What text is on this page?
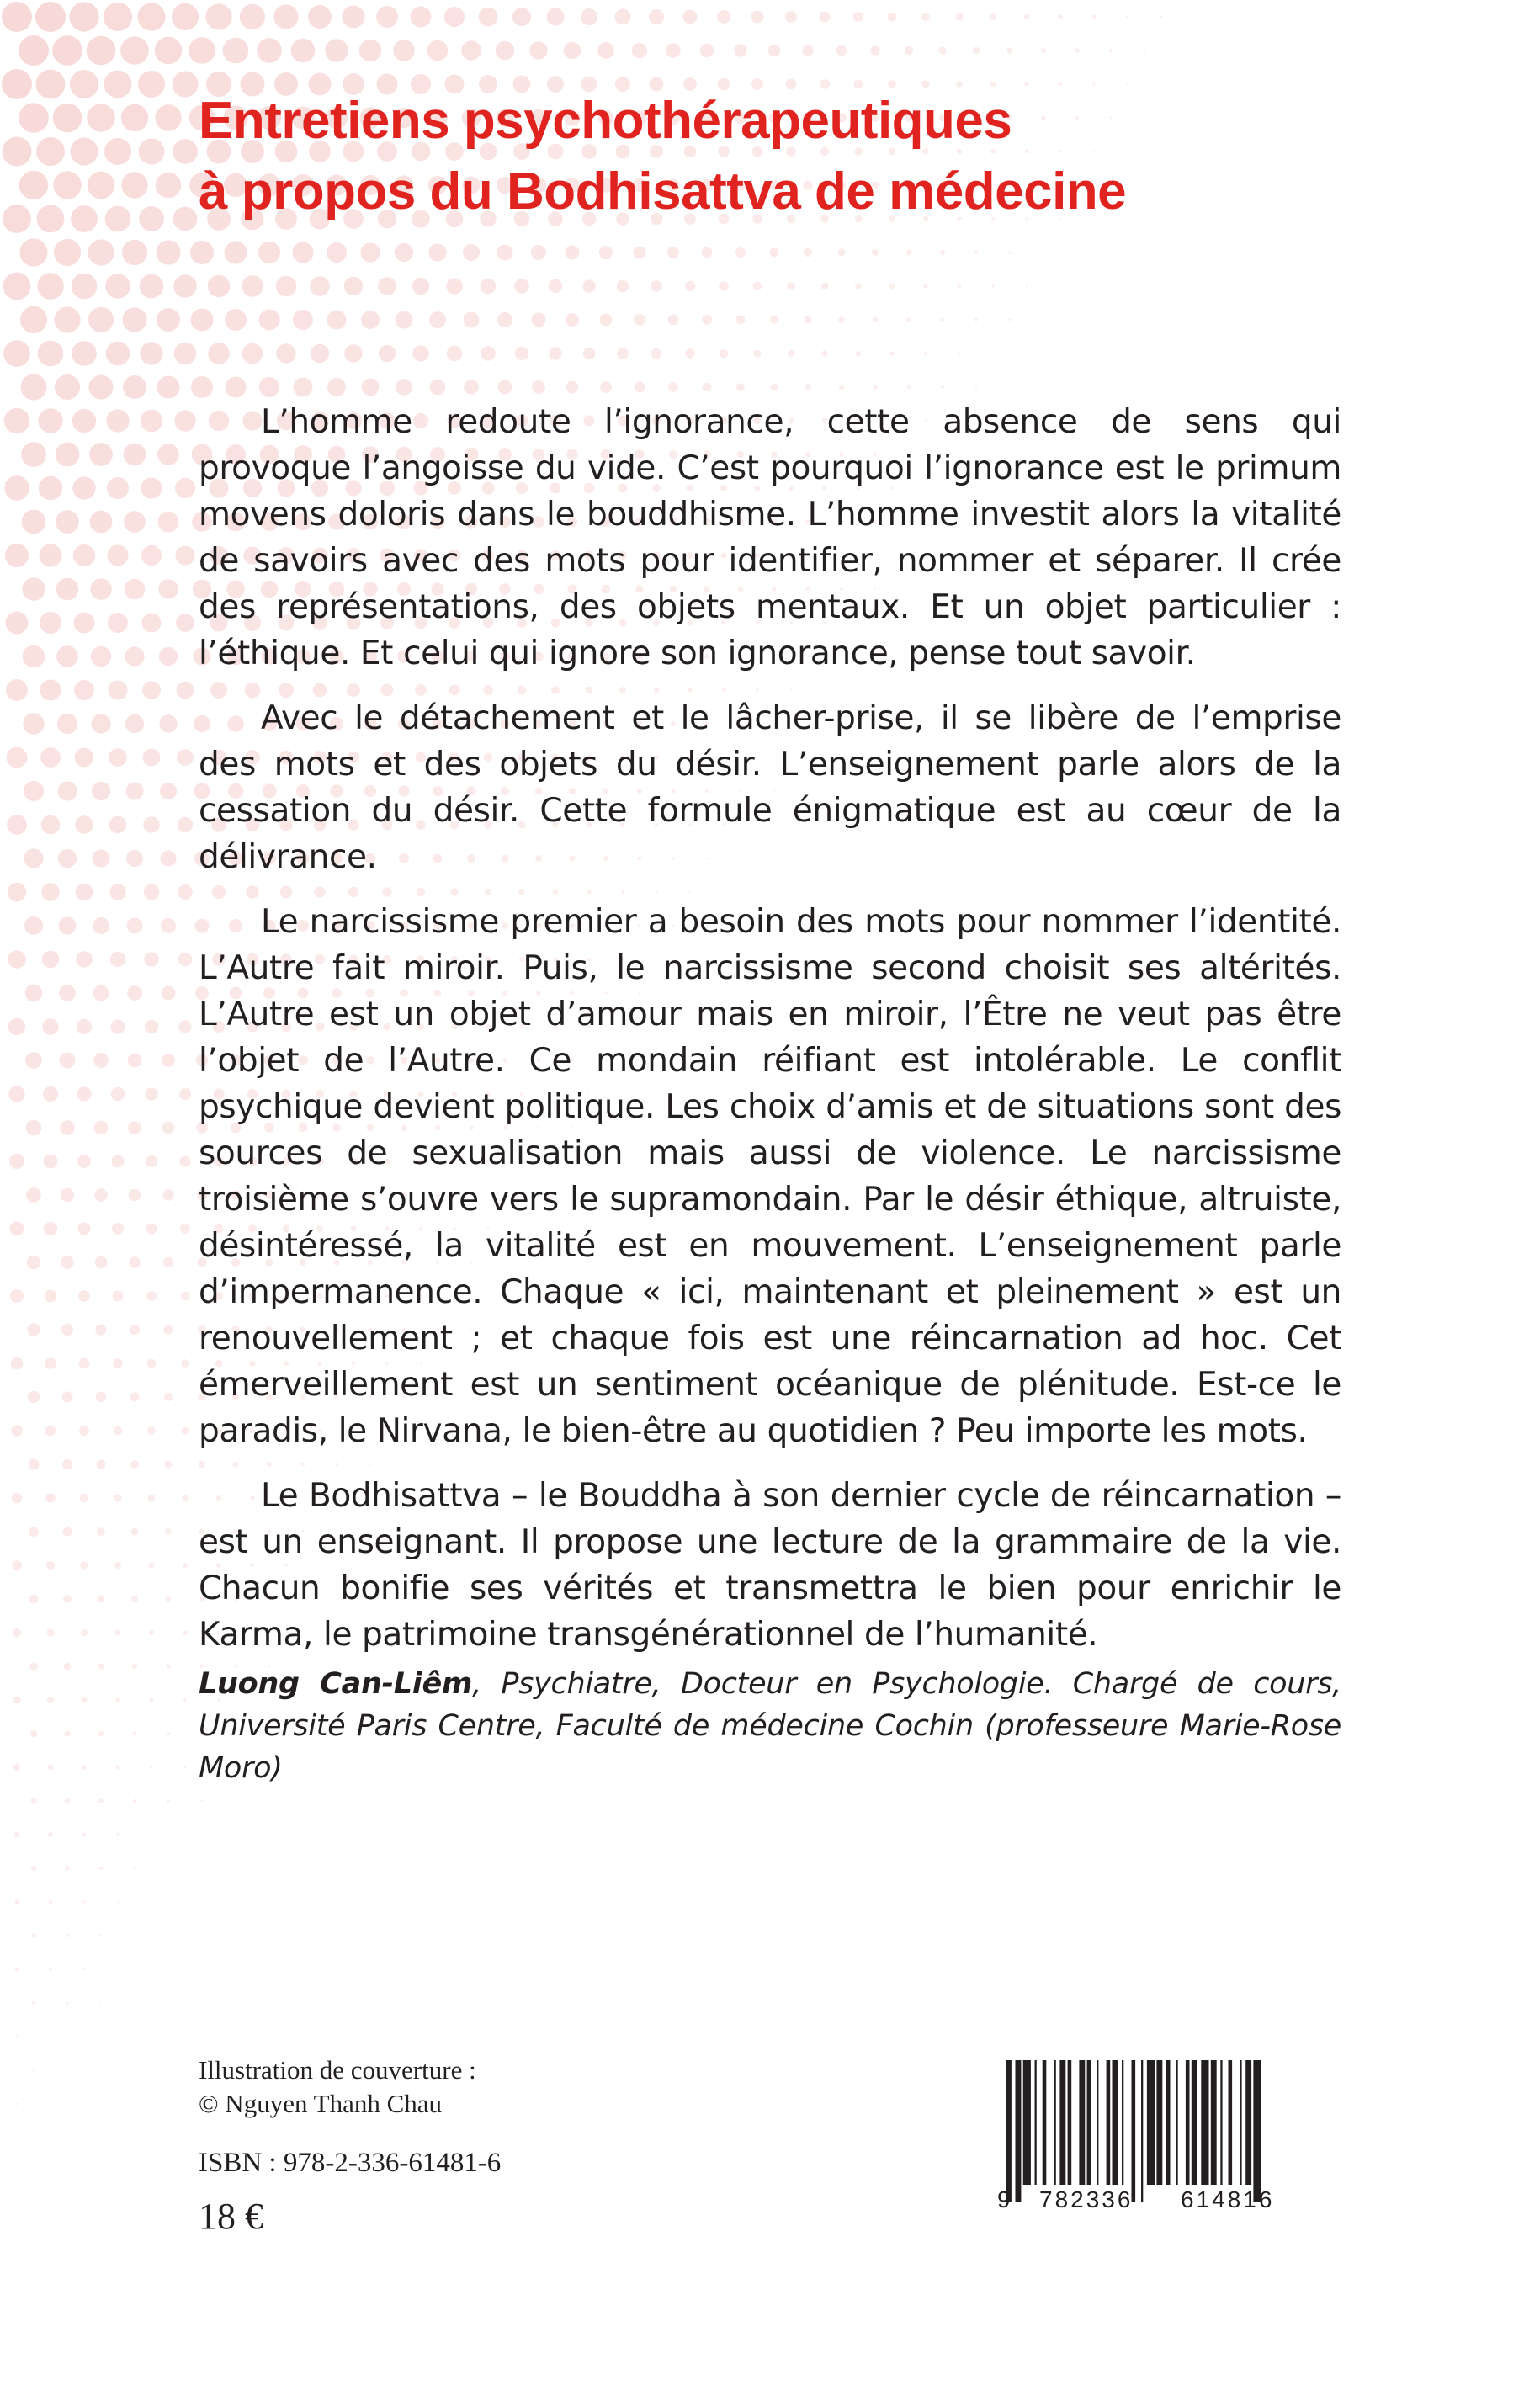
Entretiens psychothérapeutiques
à propos du Bodhisattva de médecine

L’homme redoute l’ignorance, cette absence de sens qui provoque l’angoisse du vide. C’est pourquoi l’ignorance est le primum movens doloris dans le bouddhisme. L’homme investit alors la vitalité de savoirs avec des mots pour identifier, nommer et séparer. Il crée des représentations, des objets mentaux. Et un objet particulier : l’éthique. Et celui qui ignore son ignorance, pense tout savoir.

Avec le détachement et le lâcher-prise, il se libère de l’emprise des mots et des objets du désir. L’enseignement parle alors de la cessation du désir. Cette formule énigmatique est au cœur de la délivrance.

Le narcissisme premier a besoin des mots pour nommer l’identité. L’Autre fait miroir. Puis, le narcissisme second choisit ses altérités. L’Autre est un objet d’amour mais en miroir, l’Être ne veut pas être l’objet de l’Autre. Ce mondain réifiant est intolérable. Le conflit psychique devient politique. Les choix d’amis et de situations sont des sources de sexualisation mais aussi de violence. Le narcissisme troisième s’ouvre vers le supramondain. Par le désir éthique, altruiste, désintéressé, la vitalité est en mouvement. L’enseignement parle d’impermanence. Chaque « ici, maintenant et pleinement » est un renouvellement ; et chaque fois est une réincarnation ad hoc. Cet émerveillement est un sentiment océanique de plénitude. Est-ce le paradis, le Nirvana, le bien-être au quotidien ? Peu importe les mots.

Le Bodhisattva – le Bouddha à son dernier cycle de réincarnation – est un enseignant. Il propose une lecture de la grammaire de la vie. Chacun bonifie ses vérités et transmettra le bien pour enrichir le Karma, le patrimoine transgénérationnel de l’humanité.

Luong Can-Liêm, Psychiatre, Docteur en Psychologie. Chargé de cours, Université Paris Centre, Faculté de médecine Cochin (professeure Marie-Rose Moro)
Illustration de couverture :
© Nguyen Thanh Chau
ISBN : 978-2-336-61481-6
18 €	9 782336 614816
